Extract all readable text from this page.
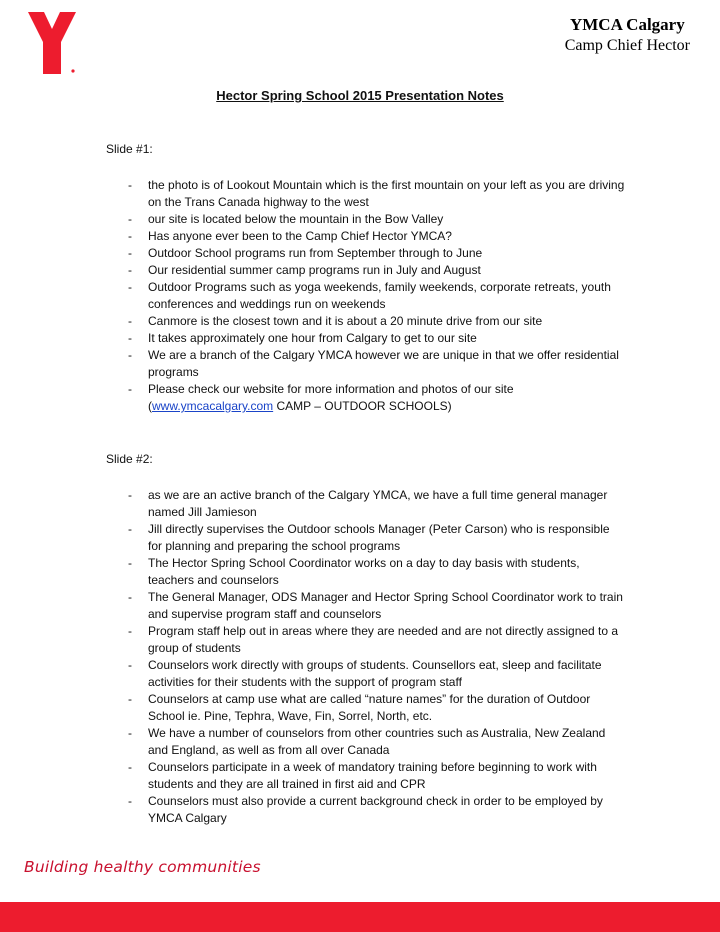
YMCA Calgary
Camp Chief Hector
Hector Spring School 2015 Presentation Notes

Slide #1:

- the photo is of Lookout Mountain which is the first mountain on your left as you are driving on the Trans Canada highway to the west
- our site is located below the mountain in the Bow Valley
- Has anyone ever been to the Camp Chief Hector YMCA?
- Outdoor School programs run from September through to June
- Our residential summer camp programs run in July and August
- Outdoor Programs such as yoga weekends, family weekends, corporate retreats, youth conferences and weddings run on weekends
- Canmore is the closest town and it is about a 20 minute drive from our site
- It takes approximately one hour from Calgary to get to our site
- We are a branch of the Calgary YMCA however we are unique in that we offer residential programs
- Please check our website for more information and photos of our site
(www.ymcacalgary.com CAMP – OUTDOOR SCHOOLS)

Slide #2:

- as we are an active branch of the Calgary YMCA, we have a full time general manager named Jill Jamieson
- Jill directly supervises the Outdoor schools Manager (Peter Carson) who is responsible for planning and preparing the school programs
- The Hector Spring School Coordinator works on a day to day basis with students, teachers and counselors
- The General Manager, ODS Manager and Hector Spring School Coordinator work to train and supervise program staff and counselors
- Program staff help out in areas where they are needed and are not directly assigned to a group of students
- Counselors work directly with groups of students. Counsellors eat, sleep and facilitate activities for their students with the support of program staff
- Counselors at camp use what are called “nature names” for the duration of Outdoor School ie. Pine, Tephra, Wave, Fin, Sorrel, North, etc.
- We have a number of counselors from other countries such as Australia, New Zealand and England, as well as from all over Canada
- Counselors participate in a week of mandatory training before beginning to work with students and they are all trained in first aid and CPR
- Counselors must also provide a current background check in order to be employed by YMCA Calgary
Building healthy communities
